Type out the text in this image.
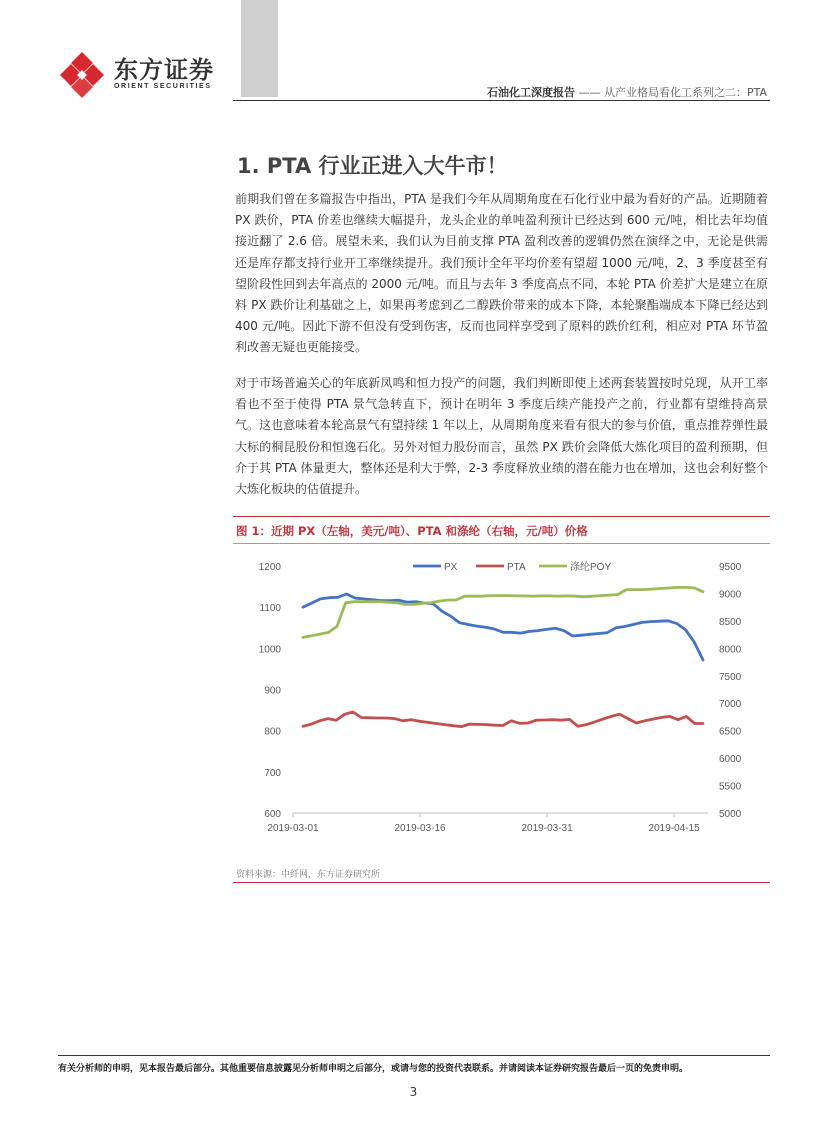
东方证券
ORIENT SECURITIES	石油化工深度报告 —— 从产业格局看化工系列之二：PTA
1. PTA 行业正进入大牛市！
前期我们曾在多篇报告中指出，PTA 是我们今年从周期角度在石化行业中最为看好的产品。近期随着 PX 跌价，PTA 价差也继续大幅提升，龙头企业的单吨盈利预计已经达到 600 元/吨，相比去年均值接近翻了 2.6 倍。展望未来，我们认为目前支撑 PTA 盈利改善的逻辑仍然在演绎之中，无论是供需还是库存都支持行业开工率继续提升。我们预计全年平均价差有望超 1000 元/吨，2、3 季度甚至有望阶段性回到去年高点的 2000 元/吨。而且与去年 3 季度高点不同，本轮 PTA 价差扩大是建立在原料 PX 跌价让利基础之上，如果再考虑到乙二醇跌价带来的成本下降，本轮聚酯端成本下降已经达到 400 元/吨。因此下游不但没有受到伤害，反而也同样享受到了原料的跌价红利，相应对 PTA 环节盈利改善无疑也更能接受。
对于市场普遍关心的年底新凤鸣和恒力投产的问题，我们判断即使上述两套装置按时兑现，从开工率看也不至于使得 PTA 景气急转直下，预计在明年 3 季度后续产能投产之前，行业都有望维持高景气。这也意味着本轮高景气有望持续 1 年以上，从周期角度来看有很大的参与价值，重点推荐弹性最大标的桐昆股份和恒逸石化。另外对恒力股份而言，虽然 PX 跌价会降低大炼化项目的盈利预期，但介于其 PTA 体量更大，整体还是利大于弊，2-3 季度释放业绩的潜在能力也在增加，这也会利好整个大炼化板块的估值提升。
图 1：近期 PX（左轴，美元/吨）、PTA 和涤纶（右轴，元/吨）价格
PX	PTA	涤纶POY
600
700
800
900
1000
1100
1200
5000
5500
6000
6500
7000
7500
8000
8500
9000
9500
2019-03-01	2019-03-16	2019-03-31	2019-04-15
资料来源：中纤网，东方证券研究所
有关分析师的申明，见本报告最后部分。其他重要信息披露见分析师申明之后部分，或请与您的投资代表联系。并请阅读本证券研究报告最后一页的免责申明。
3
